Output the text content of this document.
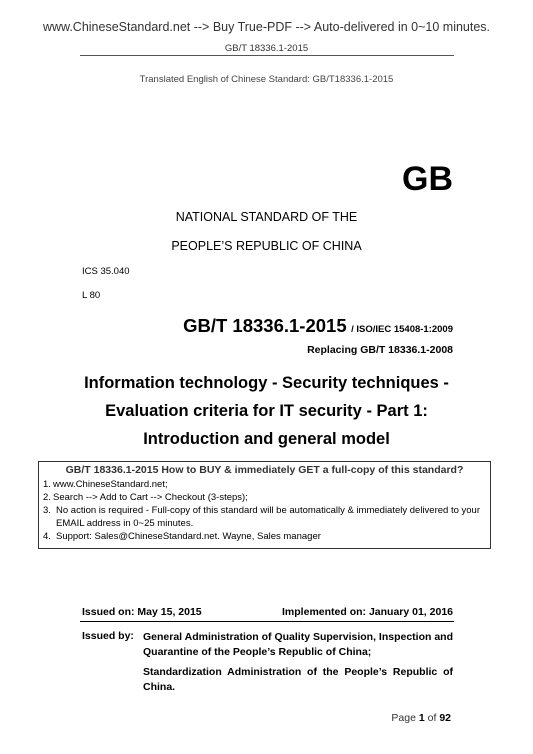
www.ChineseStandard.net --> Buy True-PDF --> Auto-delivered in 0~10 minutes.
GB/T 18336.1-2015
Translated English of Chinese Standard: GB/T18336.1-2015
GB
NATIONAL STANDARD OF THE
PEOPLE’S REPUBLIC OF CHINA
ICS 35.040
L 80
GB/T 18336.1-2015 / ISO/IEC 15408-1:2009
Replacing GB/T 18336.1-2008
Information technology - Security techniques -
Evaluation criteria for IT security - Part 1:
Introduction and general model
GB/T 18336.1-2015 How to BUY & immediately GET a full-copy of this standard?
1. www.ChineseStandard.net;
2. Search --> Add to Cart --> Checkout (3-steps);
3. No action is required - Full-copy of this standard will be automatically & immediately delivered to your EMAIL address in 0~25 minutes.
4. Support: Sales@ChineseStandard.net. Wayne, Sales manager
Issued on: May 15, 2015	Implemented on: January 01, 2016
Issued by: General Administration of Quality Supervision, Inspection and Quarantine of the People’s Republic of China;
Standardization Administration of the People’s Republic of China.
Page 1 of 92
